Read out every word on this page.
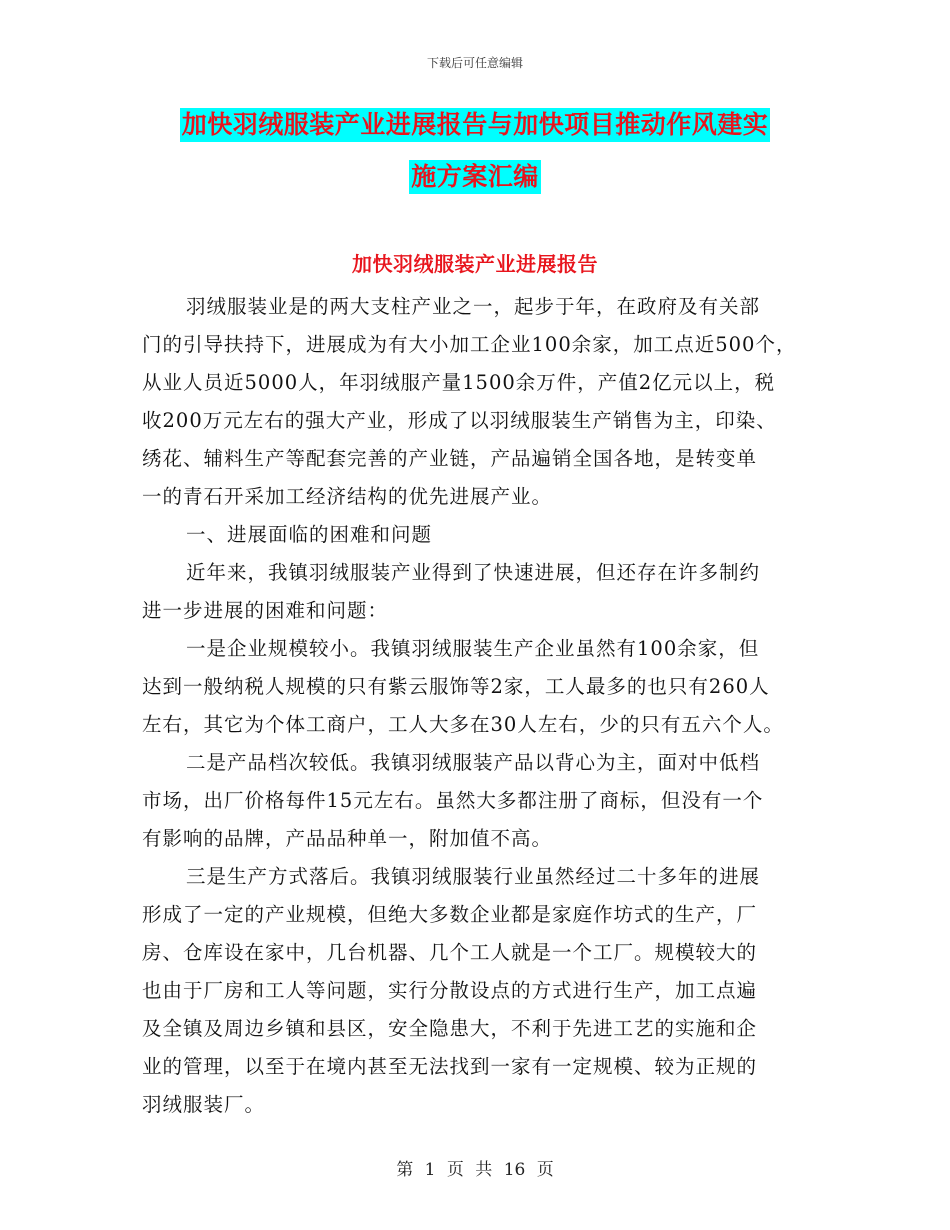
下载后可任意编辑
加快羽绒服装产业进展报告与加快项目推动作风建实
施方案汇编
加快羽绒服装产业进展报告
羽绒服装业是的两大支柱产业之一，起步于年，在政府及有关部
门的引导扶持下，进展成为有大小加工企业100余家，加工点近500个，
从业人员近5000人，年羽绒服产量1500余万件，产值2亿元以上，税
收200万元左右的强大产业，形成了以羽绒服装生产销售为主，印染、
绣花、辅料生产等配套完善的产业链，产品遍销全国各地，是转变单
一的青石开采加工经济结构的优先进展产业。
一、进展面临的困难和问题
近年来，我镇羽绒服装产业得到了快速进展，但还存在许多制约
进一步进展的困难和问题：
一是企业规模较小。我镇羽绒服装生产企业虽然有100余家，但
达到一般纳税人规模的只有紫云服饰等2家，工人最多的也只有260人
左右，其它为个体工商户，工人大多在30人左右，少的只有五六个人。
二是产品档次较低。我镇羽绒服装产品以背心为主，面对中低档
市场，出厂价格每件15元左右。虽然大多都注册了商标，但没有一个
有影响的品牌，产品品种单一，附加值不高。
三是生产方式落后。我镇羽绒服装行业虽然经过二十多年的进展
形成了一定的产业规模，但绝大多数企业都是家庭作坊式的生产，厂
房、仓库设在家中，几台机器、几个工人就是一个工厂。规模较大的
也由于厂房和工人等问题，实行分散设点的方式进行生产，加工点遍
及全镇及周边乡镇和县区，安全隐患大，不利于先进工艺的实施和企
业的管理，以至于在境内甚至无法找到一家有一定规模、较为正规的
羽绒服装厂。
第 1 页 共 16 页
